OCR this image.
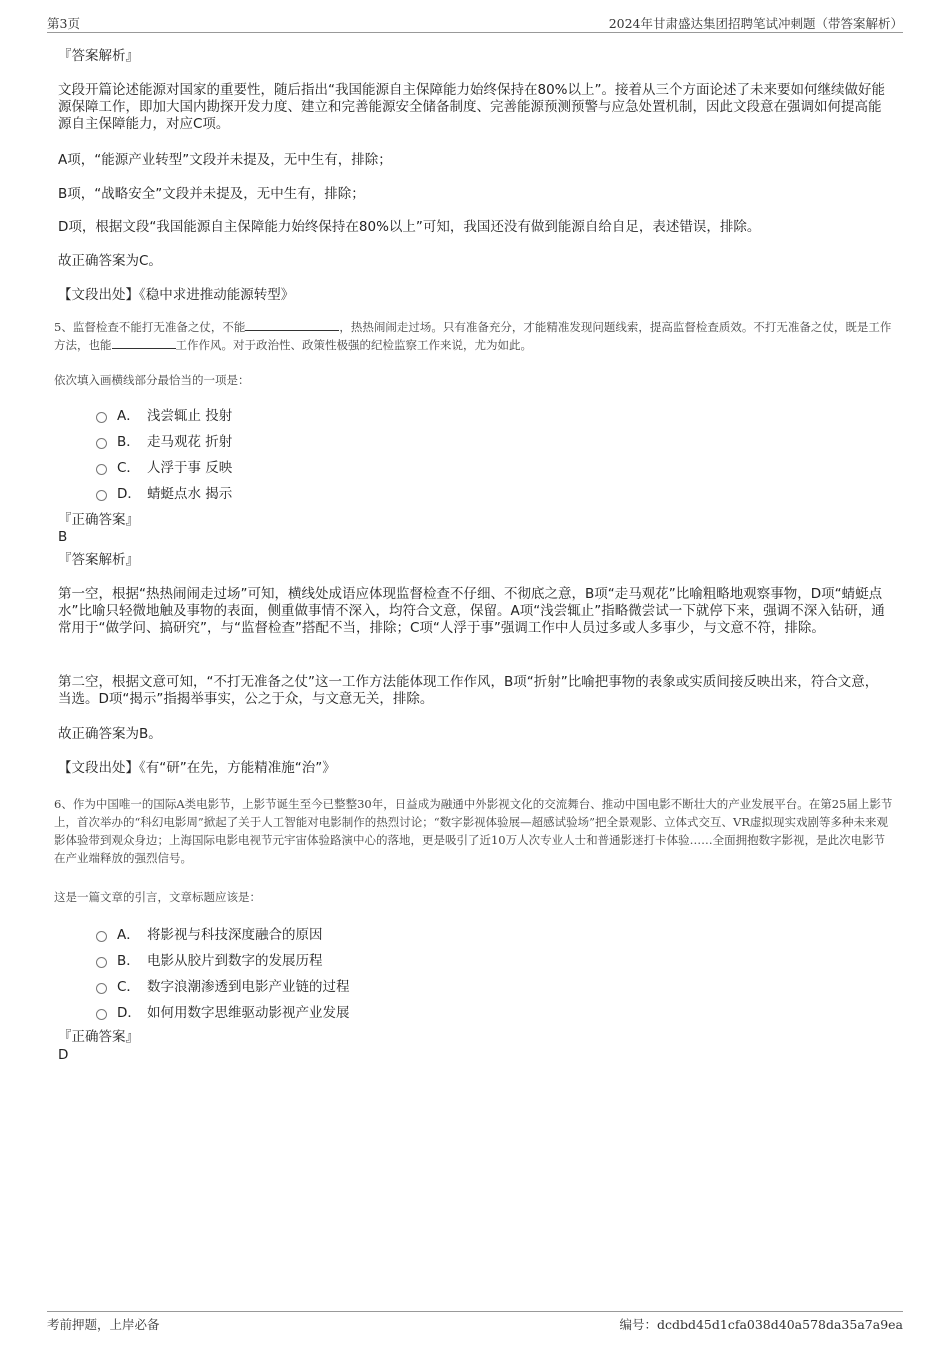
第3页	2024年甘肃盛达集团招聘笔试冲刺题（带答案解析）
『答案解析』

文段开篇论述能源对国家的重要性，随后指出“我国能源自主保障能力始终保持在80%以上”。接着从三个方面论述了未来要如何继续做好能源保障工作，即加大国内勘探开发力度、建立和完善能源安全储备制度、完善能源预测预警与应急处置机制，因此文段意在强调如何提高能源自主保障能力，对应C项。

A项，“能源产业转型”文段并未提及，无中生有，排除；

B项，“战略安全”文段并未提及，无中生有，排除；

D项，根据文段“我国能源自主保障能力始终保持在80%以上”可知，我国还没有做到能源自给自足，表述错误，排除。

故正确答案为C。

【文段出处】《稳中求进推动能源转型》

5、监督检查不能打无准备之仗，不能	，热热闹闹走过场。只有准备充分，才能精准发现问题线索，提高监督检查质效。不打无准备之仗，既是工作方法，也能	工作作风。对于政治性、政策性极强的纪检监察工作来说，尤为如此。

依次填入画横线部分最恰当的一项是：

A． 浅尝辄止 投射
B． 走马观花 折射
C． 人浮于事 反映
D． 蜻蜓点水 揭示
『正确答案』
B
『答案解析』

第一空，根据“热热闹闹走过场”可知，横线处成语应体现监督检查不仔细、不彻底之意，B项“走马观花”比喻粗略地观察事物，D项“蜻蜓点水”比喻只轻微地触及事物的表面，侧重做事情不深入，均符合文意，保留。A项“浅尝辄止”指略微尝试一下就停下来，强调不深入钻研，通常用于“做学问、搞研究”，与“监督检查”搭配不当，排除；C项“人浮于事”强调工作中人员过多或人多事少，与文意不符，排除。

第二空，根据文意可知，“不打无准备之仗”这一工作方法能体现工作作风，B项“折射”比喻把事物的表象或实质间接反映出来，符合文意，当选。D项“揭示”指揭举事实，公之于众，与文意无关，排除。

故正确答案为B。

【文段出处】《有“研”在先，方能精准施“治”》

6、作为中国唯一的国际A类电影节，上影节诞生至今已整整30年，日益成为融通中外影视文化的交流舞台、推动中国电影不断壮大的产业发展平台。在第25届上影节上，首次举办的“科幻电影周”掀起了关于人工智能对电影制作的热烈讨论；“数字影视体验展—超感试验场”把全景观影、立体式交互、VR虚拟现实戏剧等多种未来观影体验带到观众身边；上海国际电影电视节元宇宙体验路演中心的落地，更是吸引了近10万人次专业人士和普通影迷打卡体验……全面拥抱数字影视，是此次电影节在产业端释放的强烈信号。

这是一篇文章的引言，文章标题应该是：

A． 将影视与科技深度融合的原因
B． 电影从胶片到数字的发展历程
C． 数字浪潮渗透到电影产业链的过程
D． 如何用数字思维驱动影视产业发展
『正确答案』
D
考前押题，上岸必备	编号：dcdbd45d1cfa038d40a578da35a7a9ea
